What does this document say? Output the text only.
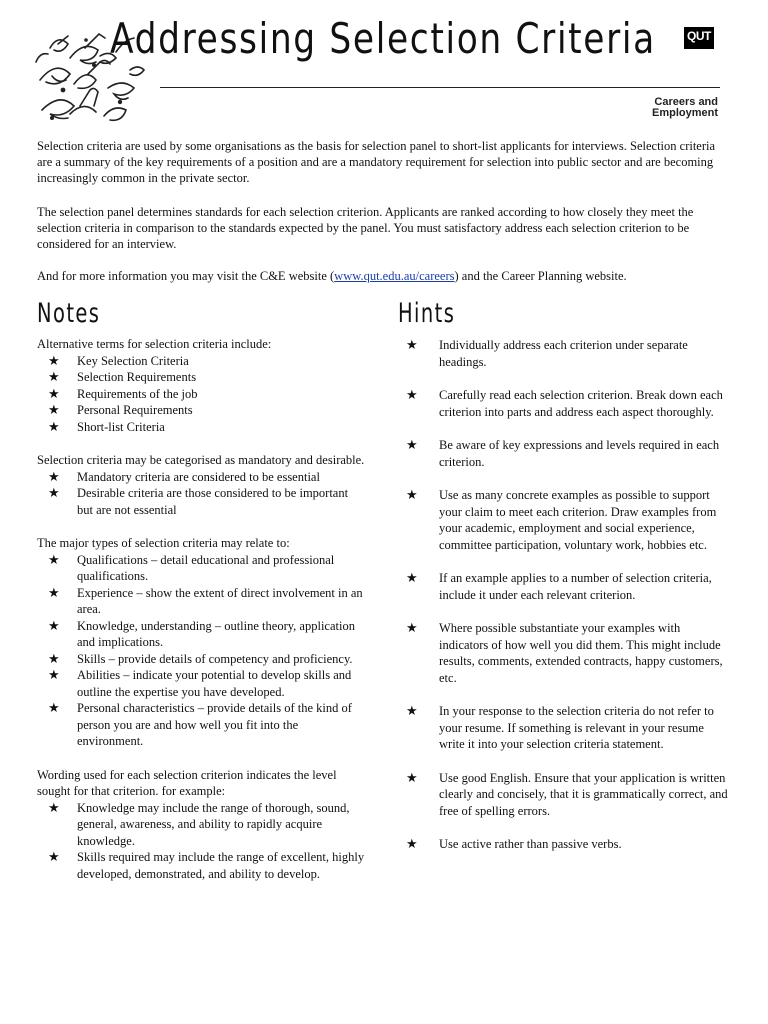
Addressing Selection Criteria	QUT
Careers and Employment

Selection criteria are used by some organisations as the basis for selection panel to short-list applicants for interviews. Selection criteria are a summary of the key requirements of a position and are a mandatory requirement for selection into public sector and are becoming increasingly common in the private sector.

The selection panel determines standards for each selection criterion. Applicants are ranked according to how closely they meet the selection criteria in comparison to the standards expected by the panel. You must satisfactory address each selection criterion to be considered for an interview.

And for more information you may visit the C&E website (www.qut.edu.au/careers) and the Career Planning website.

Notes	Hints

Alternative terms for selection criteria include:

★ Key Selection Criteria
★ Selection Requirements
★ Requirements of the job
★ Personal Requirements
★ Short-list Criteria

Selection criteria may be categorised as mandatory and desirable.

★ Mandatory criteria are considered to be essential
★ Desirable criteria are those considered to be important but are not essential

The major types of selection criteria may relate to:

★ Qualifications – detail educational and professional qualifications.
★ Experience – show the extent of direct involvement in an area.
★ Knowledge, understanding – outline theory, application and implications.
★ Skills – provide details of competency and proficiency.
★ Abilities – indicate your potential to develop skills and outline the expertise you have developed.
★ Personal characteristics – provide details of the kind of person you are and how well you fit into the environment.

Wording used for each selection criterion indicates the level sought for that criterion. for example:

★ Knowledge may include the range of thorough, sound, general, awareness, and ability to rapidly acquire knowledge.
★ Skills required may include the range of excellent, highly developed, demonstrated, and ability to develop.
★ Individually address each criterion under separate headings.
★ Carefully read each selection criterion. Break down each criterion into parts and address each aspect thoroughly.
★ Be aware of key expressions and levels required in each criterion.
★ Use as many concrete examples as possible to support your claim to meet each criterion. Draw examples from your academic, employment and social experience, committee participation, voluntary work, hobbies etc.
★ If an example applies to a number of selection criteria, include it under each relevant criterion.
★ Where possible substantiate your examples with indicators of how well you did them. This might include results, comments, extended contracts, happy customers, etc.
★ In your response to the selection criteria do not refer to your resume. If something is relevant in your resume write it into your selection criteria statement.
★ Use good English. Ensure that your application is written clearly and concisely, that it is grammatically correct, and free of spelling errors.
★ Use active rather than passive verbs.
